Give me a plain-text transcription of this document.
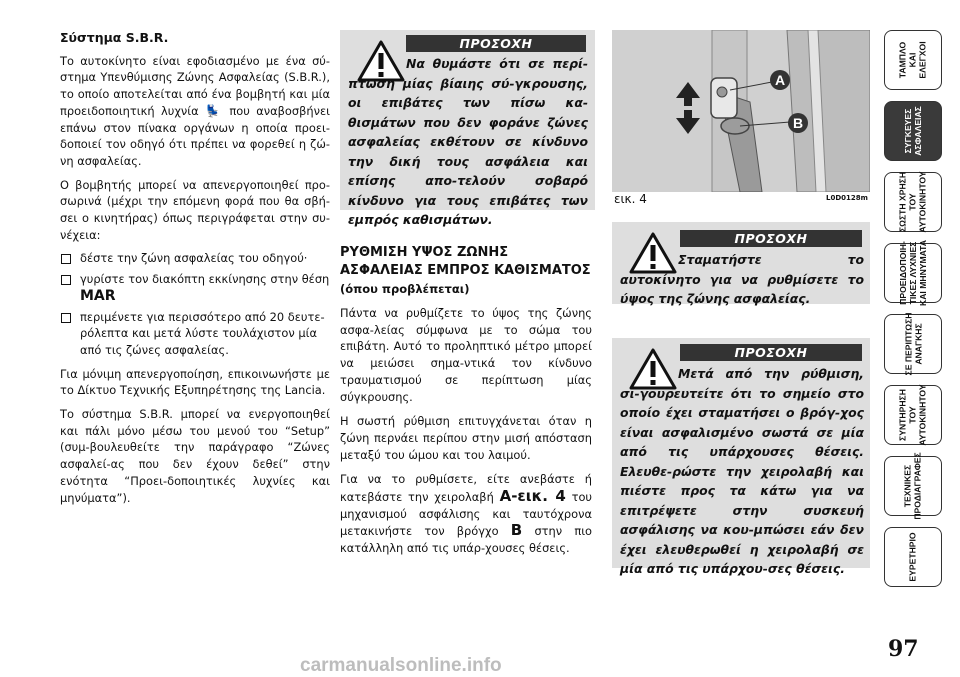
Σύστημα S.B.R.

Το αυτοκίνητο είναι εφοδιασμένο με ένα σύ-στημα Υπενθύμισης Ζώνης Ασφαλείας (S.B.R.), το οποίο αποτελείται από ένα βομβητή και μία προειδοποιητική λυχνία 💺 που αναβοσβήνει επάνω στον πίνακα οργάνων η οποία προει-δοποιεί τον οδηγό ότι πρέπει να φορεθεί η ζώ-νη ασφαλείας.

Ο βομβητής μπορεί να απενεργοποιηθεί προ-σωρινά (μέχρι την επόμενη φορά που θα σβή-σει ο κινητήρας) όπως περιγράφεται στην συ-νέχεια:

δέστε την ζώνη ασφαλείας του οδηγού·
γυρίστε τον διακόπτη εκκίνησης στην θέση
MAR
περιμένετε για περισσότερο από 20 δευτε-ρόλεπτα και μετά λύστε τουλάχιστον μία από τις ζώνες ασφαλείας.

Για μόνιμη απενεργοποίηση, επικοινωνήστε με το Δίκτυο Τεχνικής Εξυπηρέτησης της Lancia.

Το σύστημα S.B.R. μπορεί να ενεργοποιηθεί και πάλι μόνο μέσω του μενού του “Setup” (συμ-βουλευθείτε την παράγραφο “Ζώνες ασφαλεί-ας που δεν έχουν δεθεί” στην ενότητα “Προει-δοποιητικές λυχνίες και μηνύματα”).

ΠΡΟΣΟΧΗ
Να θυμάστε ότι σε περί-πτωση μίας βίαιης σύ-γκρουσης, οι επιβάτες των πίσω κα-θισμάτων που δεν φοράνε ζώνες ασφαλείας εκθέτουν σε κίνδυνο την δική τους ασφάλεια και επίσης απο-τελούν σοβαρό κίνδυνο για τους επιβάτες των εμπρός καθισμάτων.
ΡΥΘΜΙΣΗ ΥΨΟΣ ΖΩΝΗΣ ΑΣΦΑΛΕΙΑΣ ΕΜΠΡΟΣ ΚΑΘΙΣΜΑΤΟΣ (όπου προβλέπεται)

Πάντα να ρυθμίζετε το ύψος της ζώνης ασφα-λείας σύμφωνα με το σώμα του επιβάτη. Αυτό το προληπτικό μέτρο μπορεί να μειώσει σημα-ντικά τον κίνδυνο τραυματισμού σε περίπτωση μίας σύγκρουσης.

Η σωστή ρύθμιση επιτυγχάνεται όταν η ζώνη περνάει περίπου στην μισή απόσταση μεταξύ του ώμου και του λαιμού.

Για να το ρυθμίσετε, είτε ανεβάστε ή κατεβάστε την χειρολαβή A-εικ. 4 του μηχανισμού ασφάλισης και ταυτόχρονα μετακινήστε τον βρόγχο B στην πιο κατάλληλη από τις υπάρ-χουσες θέσεις.

A
B
εικ. 4	L0D0128m
ΠΡΟΣΟΧΗ
Σταματήστε το αυτοκίνητο για να ρυθμίσετε το ύψος της ζώνης ασφαλείας.
ΠΡΟΣΟΧΗ
Μετά από την ρύθμιση, σι-γουρευτείτε ότι το σημείο στο οποίο έχει σταματήσει ο βρόγ-χος είναι ασφαλισμένο σωστά σε μία από τις υπάρχουσες θέσεις. Ελευθε-ρώστε την χειρολαβή και πιέστε προς τα κάτω για να επιτρέψετε στην συσκευή ασφάλισης να κου-μπώσει εάν δεν έχει ελευθερωθεί η χειρολαβή σε μία από τις υπάρχου-σες θέσεις.
ΤΑΜΠΛΟ
ΚΑΙ
ΕΛΕΓΧΟΙ
ΣΥΓΚΕΥΕΣ
ΑΣΦΑΛΕΙΑΣ
ΣΩΣΤΗ ΧΡΗΣΗ
ΤΟΥ
ΑΥΤΟΚΙΝΗΤΟΥ
ΠΡΟΕΙΔΟΠΟΙΗ-
ΤΙΚΕΣ ΛΥΧΝΙΕΣ
ΚΑΙ ΜΗΝΥΜΑΤΑ
ΣΕ ΠΕΡΙΠΤΩΣΗ
ΑΝΑΓΚΗΣ
ΣΥΝΤΗΡΗΣΗ
ΤΟΥ
ΑΥΤΟΚΙΝΗΤΟΥ
ΤΕΧΝΙΚΕΣ
ΠΡΟΔΙΑΓΡΑΦΕΣ
ΕΥΡΕΤΗΡΙΟ
97
carmanualsonline.info
